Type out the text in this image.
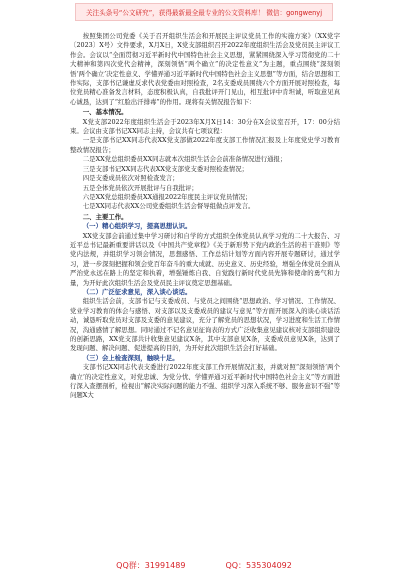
关注头条号“公文研究”，获得最新最全最专业的公文资料库！ 微信：gongwenyj

按照集团公司党委《关于召开组织生活会和开展民主评议党员工作的实施方案》（XX党字〔2023〕X号）文件要求，X月X日，X党支部组织召开2022年度组织生活会及党员民主评议工作会。会议以“全面贯彻习近平新时代中国特色社会主义思想，紧紧围绕深入学习贯彻党的二十大精神和第四次党代会精神，深刻领悟“两个确立”的决定性意义”为主题，重点围绕“深刻领悟‘两个确立’决定性意义、学懂弄通习近平新时代中国特色社会主义思想”等方面，结合思想和工作实际，支部书记谦虚反求代表党委由对照检查，2名支委成员围绕六个方面开展对照检查，每位党员精心准备发言材料，态度积极认真，自我批评开门见山，相互批评中肯坦诚，听取意见真心诚恳，达到了“红脸出汗排毒”的作用。现将有关情况报告如下：

一、基本情况。

X党支部2022年度组织生活会于2023年X月X日14：30分在X会议室召开，17：00分结束。会议由支部书记XX同志主持，会议共有七项议程：

一是支部书记XX同志代表XX党支部做2022年度支部工作情况汇报及上年度党史学习教育整改情况报告；

二是XX党总组织委员XX同志就本次组织生活会会前准备情况进行通报；

三是支部书记XX同志代表XX党支部党支委对照检查情况；

四是支委成员依次对照检查发言；

五是全体党员依次开展批评与自我批评；

六是XX党总组织委员XX通报2022年度民主评议党员情况；

七是XX同志代表XX公司党委组织生活会督导组做点评发言。

二、主要工作。

（一）精心组织学习，提高思想认识。

XX党支部会前通过集中学习研讨和自学的方式组织全体党员认真学习党的二十大报告、习近平总书记最新重要讲话以及《中国共产党章程》《关于新形势下党内政治生活的若干准则》等党内法规，并组织学习领会情况，思想感悟、工作总结计划等方面内容开展专题研讨，通过学习，进一步深刻把握和领会党百年奋斗的重大成就、历史意义、历史经验，增强全体党员全面从严治党永远在路上的坚定和执着，增强锤炼自我、自觉践行新时代党员先锋和使命的勇气和力量，为开好此次组织生活会及党员民主评议奠定思想基础。

（二）广泛征求意见，深入谈心谈话。

组织生活会前，支部书记与支委成员、与党员之间围绕“思想政治、学习情况、工作情况、党业学习教育的体会与感悟、对支部以及支委成员的建议与意见”等方面开展深入的谈心谈话活动，诚恳听取党员对支部及支委的意见建议，充分了解党员的思想状况，学习进度和生活工作情况，沟通感情了解思想。同时通过不记名意见征询表的方式广泛收集意见建议核对支部组织建设的创新思路，XX党支部共计收集意见建议X条，其中支部意见X条，支委成员意见X条，达到了发现问题、解决问题、促进提高的目的，为开好此次组织生活会打好基础。

（三）会上检查深刻，触映十足。

支部书记XX同志代表支委进行2022年度支部工作开展情况汇报，并就对照“深刻领悟‘两个确立’的决定性意义，对党忠诚、为党分忧、学懂弄通习近平新时代中国特色社会主义”等方面进行深入查摆剖析，检视出“解决实际问题的能力不强、组织学习深入系统不够、服务意识不强”等问题X大

QQ群：31991489	QQ：535304092
